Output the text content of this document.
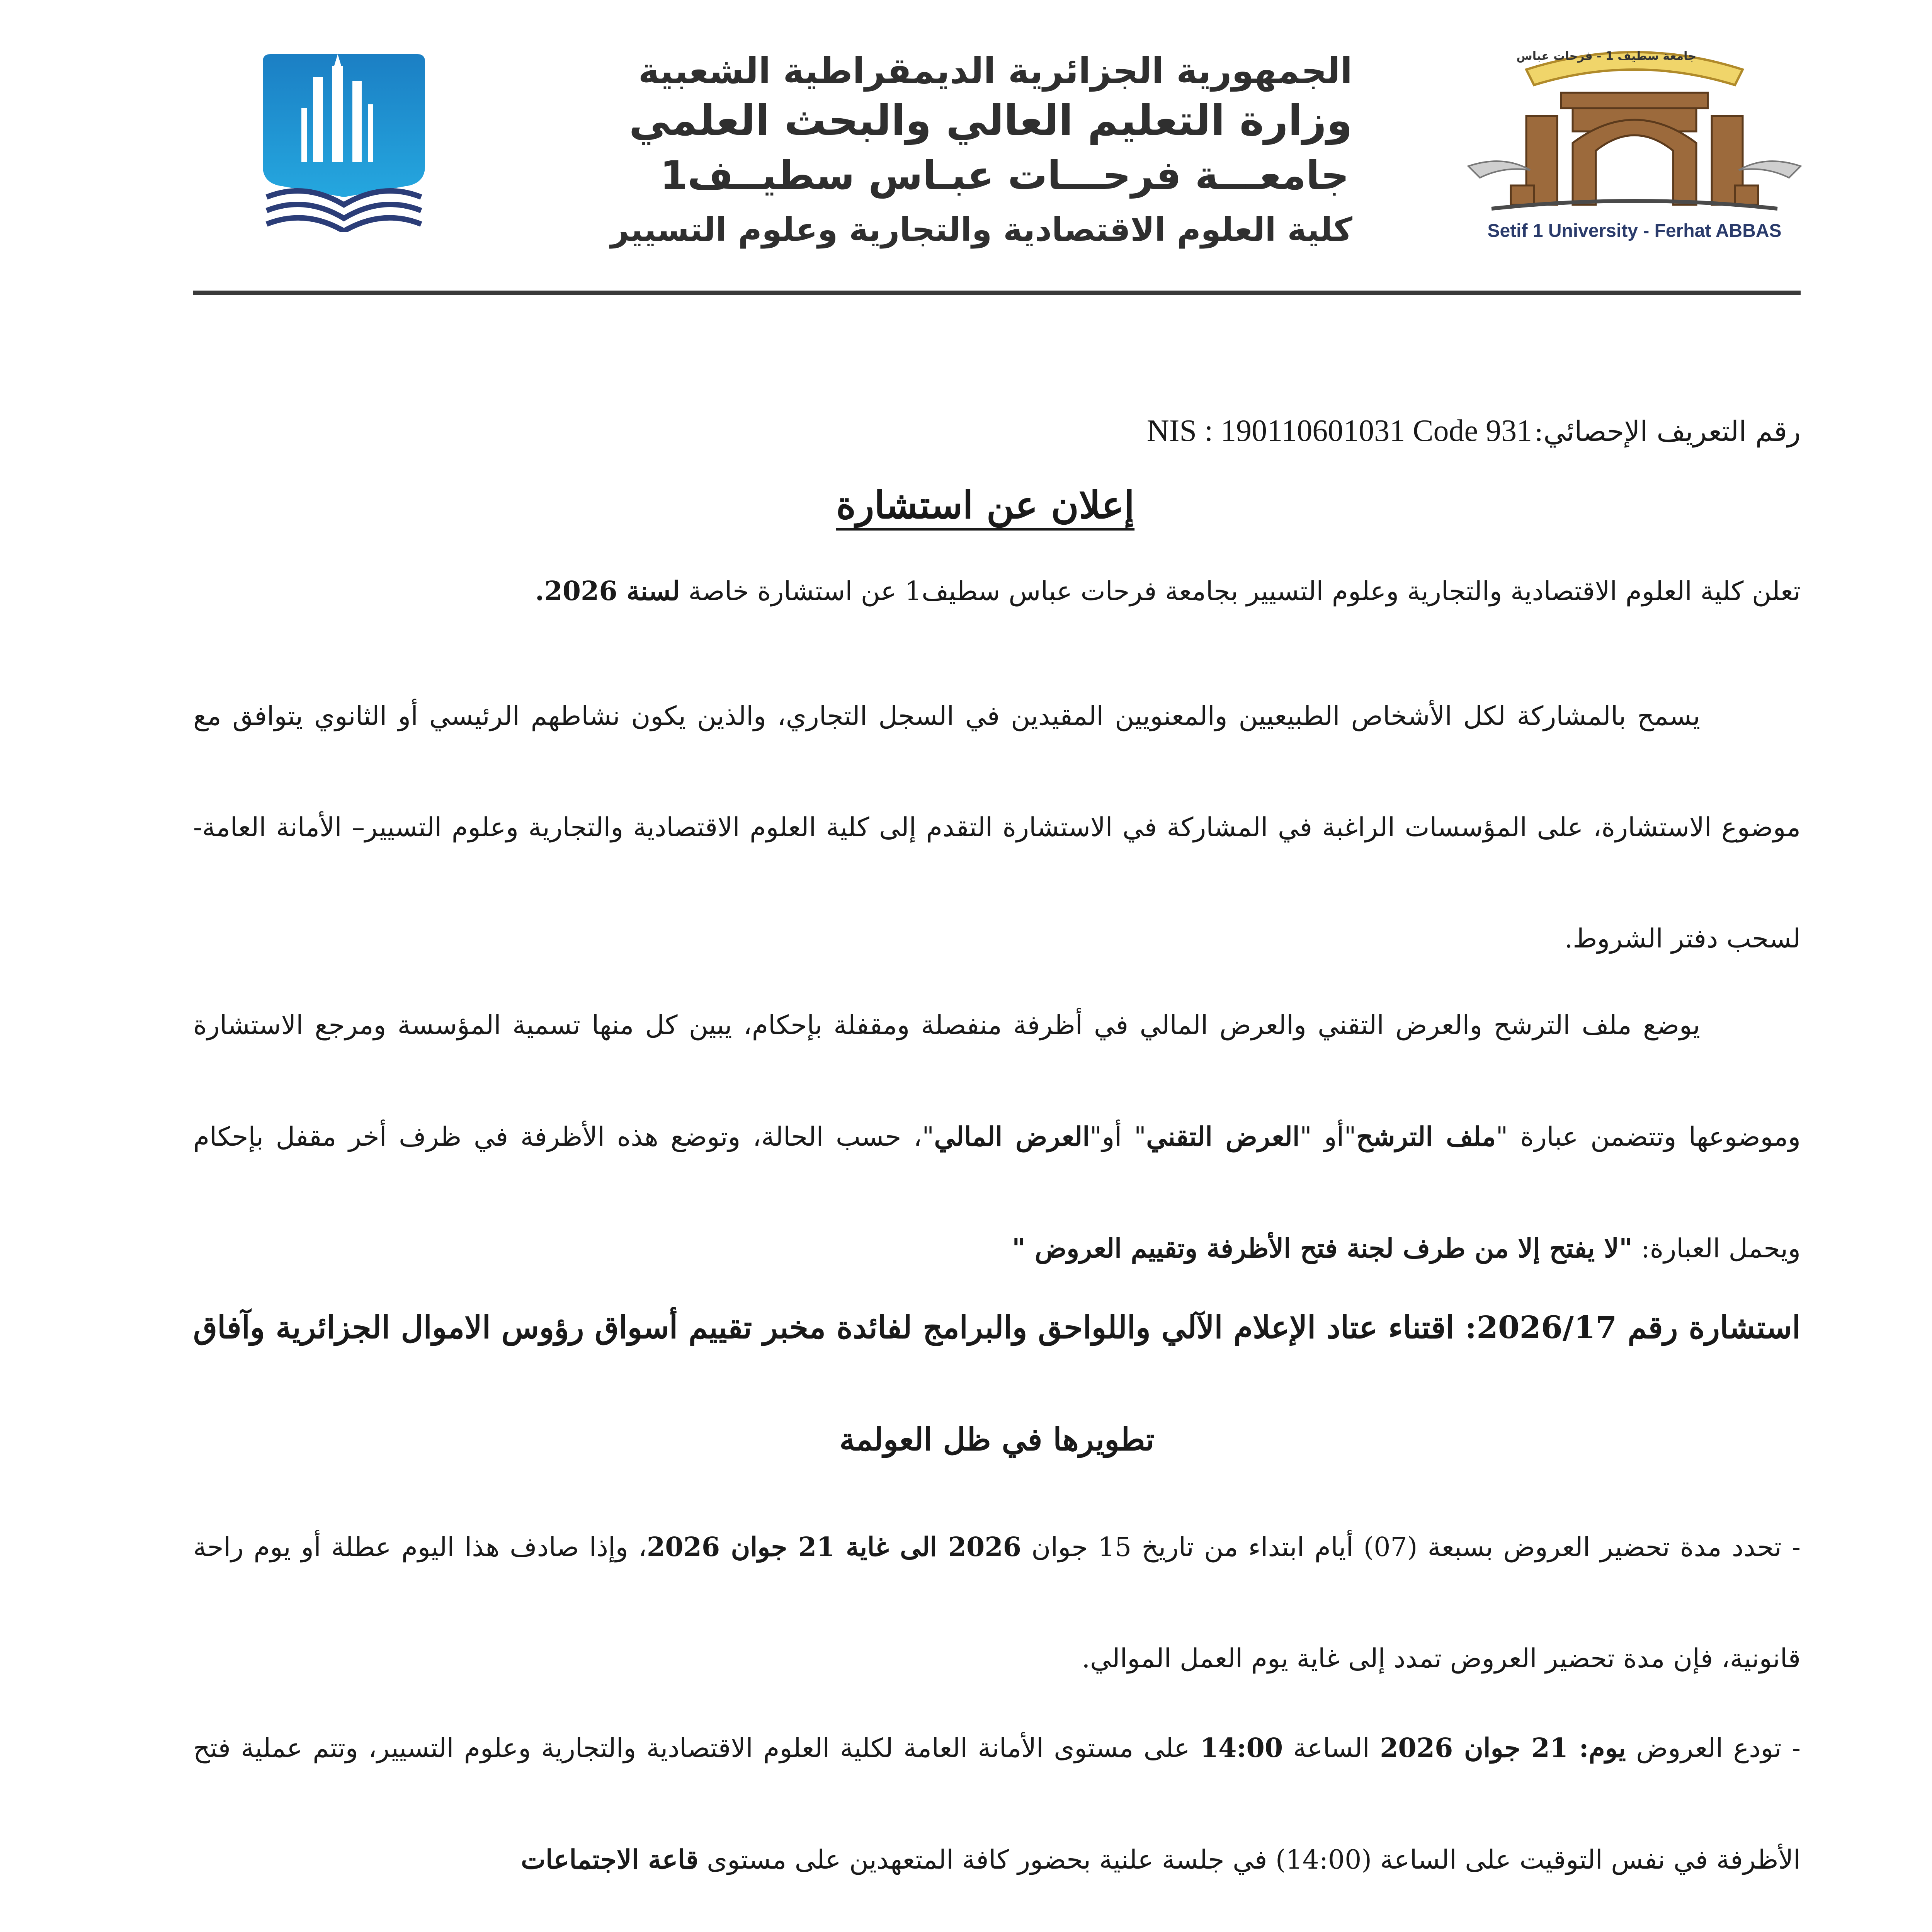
الجمهورية الجزائرية الديمقراطية الشعبية
وزارة التعليم العالي والبحث العلمي
جامعـــة فرحـــات عبـاس سطيــف1
كلية العلوم الاقتصادية والتجارية وعلوم التسيير
جامعة سطيف 1 - فرحات عباس
Setif 1 University - Ferhat ABBAS
رقم التعريف الإحصائي: NIS : 190110601031 Code 931
إعلان عن استشارة
تعلن كلية العلوم الاقتصادية والتجارية وعلوم التسيير بجامعة فرحات عباس سطيف1 عن استشارة خاصة لسنة 2026.
يسمح بالمشاركة لكل الأشخاص الطبيعيين والمعنويين المقيدين في السجل التجاري، والذين يكون نشاطهم الرئيسي أو الثانوي يتوافق مع موضوع الاستشارة، على المؤسسات الراغبة في المشاركة في الاستشارة التقدم إلى كلية العلوم الاقتصادية والتجارية وعلوم التسيير– الأمانة العامة- لسحب دفتر الشروط.
يوضع ملف الترشح والعرض التقني والعرض المالي في أظرفة منفصلة ومقفلة بإحكام، يبين كل منها تسمية المؤسسة ومرجع الاستشارة وموضوعها وتتضمن عبارة "ملف الترشح"أو "العرض التقني" أو"العرض المالي"، حسب الحالة، وتوضع هذه الأظرفة في ظرف أخر مقفل بإحكام ويحمل العبارة: "لا يفتح إلا من طرف لجنة فتح الأظرفة وتقييم العروض "
استشارة رقم 2026/17: اقتناء عتاد الإعلام الآلي واللواحق والبرامج لفائدة مخبر تقييم أسواق رؤوس الاموال الجزائرية وآفاق تطويرها في ظل العولمة
- تحدد مدة تحضير العروض بسبعة (07) أيام ابتداء من تاريخ 15 جوان 2026 الى غاية 21 جوان 2026، وإذا صادف هذا اليوم عطلة أو يوم راحة قانونية، فإن مدة تحضير العروض تمدد إلى غاية يوم العمل الموالي.
- تودع العروض يوم: 21 جوان 2026 الساعة 14:00 على مستوى الأمانة العامة لكلية العلوم الاقتصادية والتجارية وعلوم التسيير، وتتم عملية فتح الأظرفة في نفس التوقيت على الساعة (14:00) في جلسة علنية بحضور كافة المتعهدين على مستوى قاعة الاجتماعات
